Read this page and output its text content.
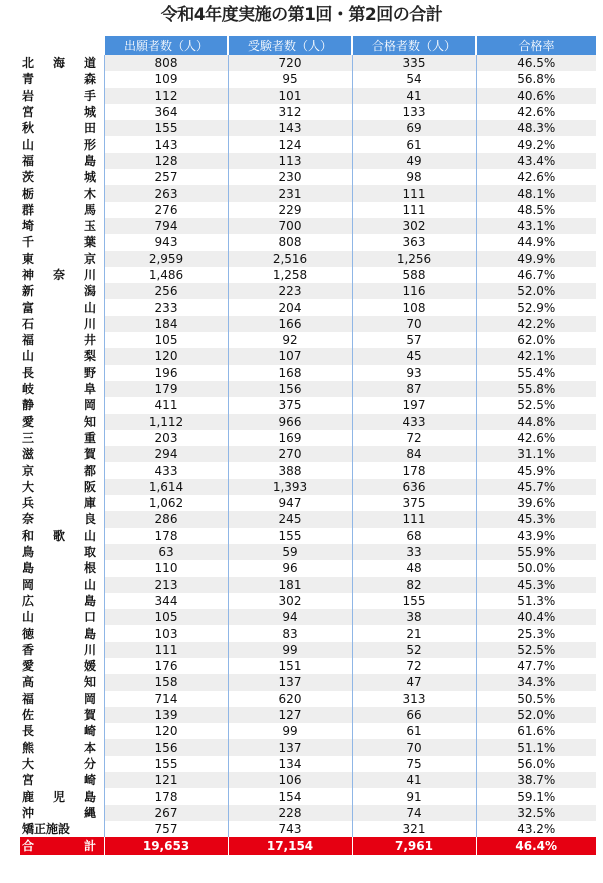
令和4年度実施の第1回・第2回の合計
	出願者数（人）	受験者数（人）	合格者数（人）	合格率

北 海 道	808	720	335	46.5%

青 森	109	95	54	56.8%

岩 手	112	101	41	40.6%

宮 城	364	312	133	42.6%

秋 田	155	143	69	48.3%

山 形	143	124	61	49.2%

福 島	128	113	49	43.4%

茨 城	257	230	98	42.6%

栃 木	263	231	111	48.1%

群 馬	276	229	111	48.5%

埼 玉	794	700	302	43.1%

千 葉	943	808	363	44.9%

東 京	2,959	2,516	1,256	49.9%

神 奈 川	1,486	1,258	588	46.7%

新 潟	256	223	116	52.0%

富 山	233	204	108	52.9%

石 川	184	166	70	42.2%

福 井	105	92	57	62.0%

山 梨	120	107	45	42.1%

長 野	196	168	93	55.4%

岐 阜	179	156	87	55.8%

静 岡	411	375	197	52.5%

愛 知	1,112	966	433	44.8%

三 重	203	169	72	42.6%

滋 賀	294	270	84	31.1%

京 都	433	388	178	45.9%

大 阪	1,614	1,393	636	45.7%

兵 庫	1,062	947	375	39.6%

奈 良	286	245	111	45.3%

和 歌 山	178	155	68	43.9%

鳥 取	63	59	33	55.9%

島 根	110	96	48	50.0%

岡 山	213	181	82	45.3%

広 島	344	302	155	51.3%

山 口	105	94	38	40.4%

徳 島	103	83	21	25.3%

香 川	111	99	52	52.5%

愛 媛	176	151	72	47.7%

高 知	158	137	47	34.3%

福 岡	714	620	313	50.5%

佐 賀	139	127	66	52.0%

長 崎	120	99	61	61.6%

熊 本	156	137	70	51.1%

大 分	155	134	75	56.0%

宮 崎	121	106	41	38.7%

鹿 児 島	178	154	91	59.1%

沖 縄	267	228	74	32.5%

矯 正 施 設	757	743	321	43.2%

合 計	19,653	17,154	7,961	46.4%
